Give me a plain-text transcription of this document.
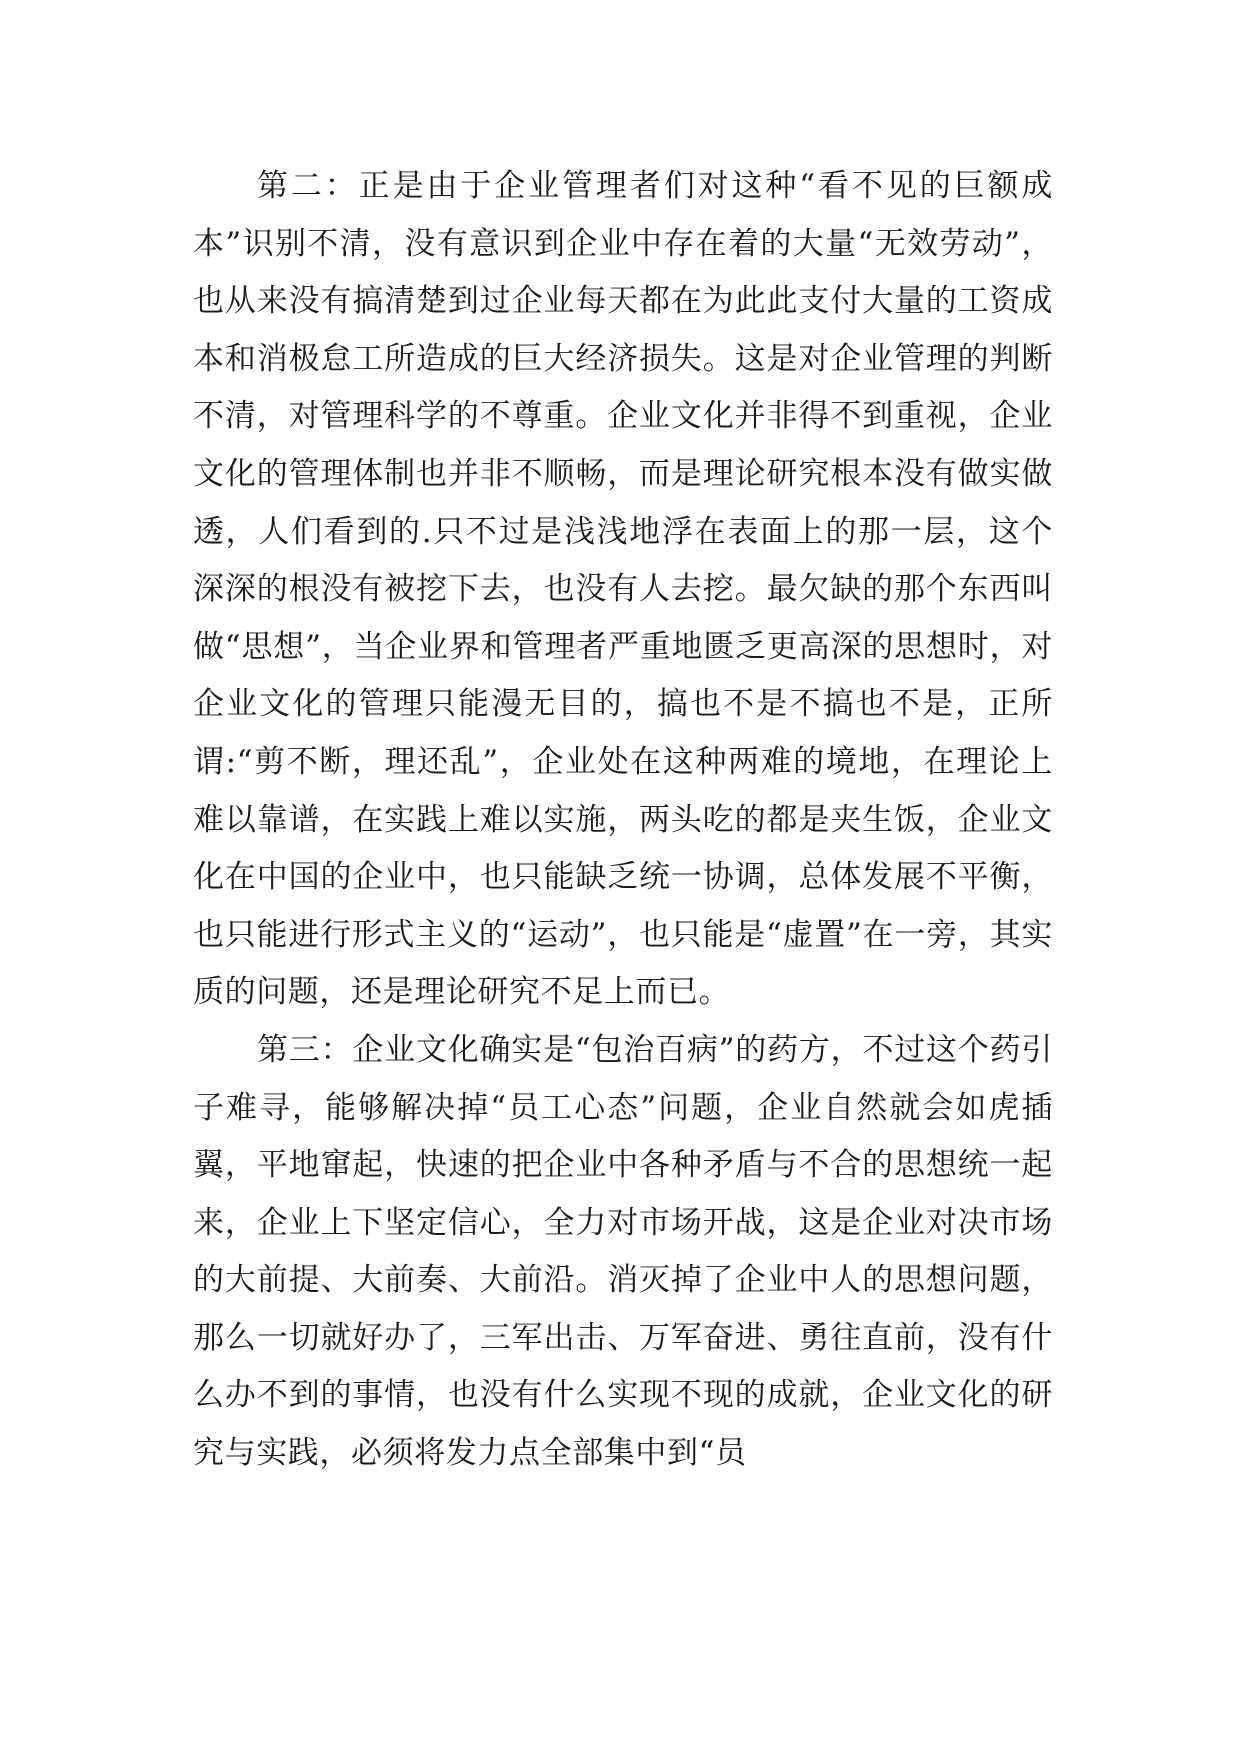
第二：正是由于企业管理者们对这种“看不见的巨额成本”识别不清，没有意识到企业中存在着的大量“无效劳动”，也从来没有搞清楚到过企业每天都在为此此支付大量的工资成本和消极怠工所造成的巨大经济损失。这是对企业管理的判断不清，对管理科学的不尊重。企业文化并非得不到重视，企业文化的管理体制也并非不顺畅，而是理论研究根本没有做实做透，人们看到的.只不过是浅浅地浮在表面上的那一层，这个深深的根没有被挖下去，也没有人去挖。最欠缺的那个东西叫做“思想”，当企业界和管理者严重地匮乏更高深的思想时，对企业文化的管理只能漫无目的，搞也不是不搞也不是，正所谓:“剪不断，理还乱”，企业处在这种两难的境地，在理论上难以靠谱，在实践上难以实施，两头吃的都是夹生饭，企业文化在中国的企业中，也只能缺乏统一协调，总体发展不平衡，也只能进行形式主义的“运动”，也只能是“虚置”在一旁，其实质的问题，还是理论研究不足上而已。

第三：企业文化确实是“包治百病”的药方，不过这个药引子难寻，能够解决掉“员工心态”问题，企业自然就会如虎插翼，平地窜起，快速的把企业中各种矛盾与不合的思想统一起来，企业上下坚定信心，全力对市场开战，这是企业对决市场的大前提、大前奏、大前沿。消灭掉了企业中人的思想问题，那么一切就好办了，三军出击、万军奋进、勇往直前，没有什么办不到的事情，也没有什么实现不现的成就，企业文化的研究与实践，必须将发力点全部集中到“员
